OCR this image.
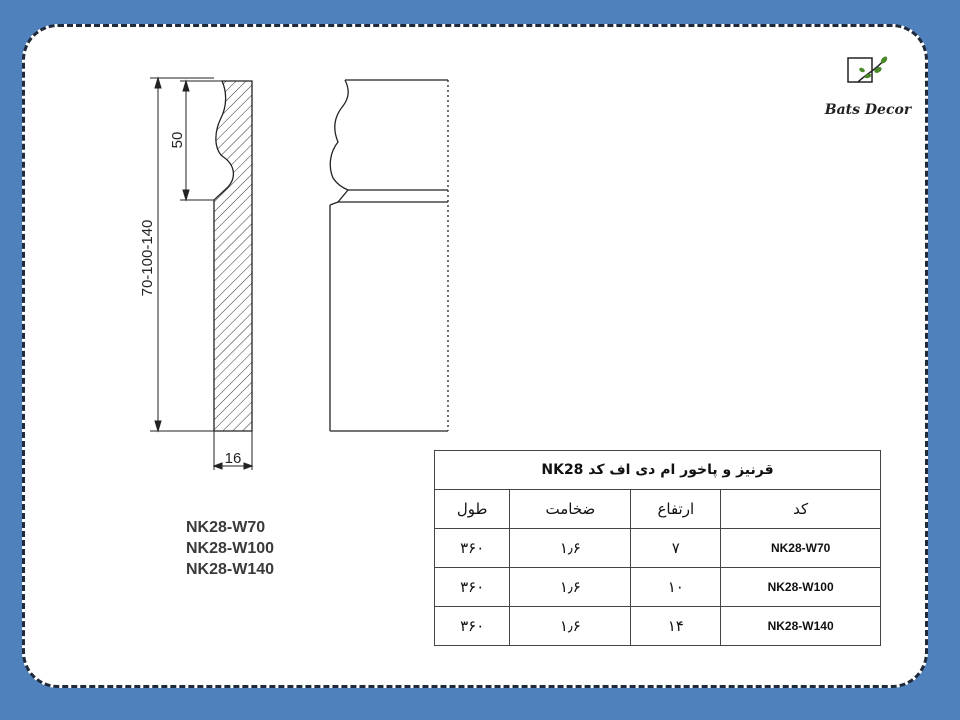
70-100-140
50
16
Bats Decor
NK28-W70
NK28-W100
NK28-W140
قرنیز و پاخور ام دی اف کد NK28			
کد	ارتفاع	ضخامت	طول
NK28-W70	۷	۱٫۶	۳۶۰
NK28-W100	۱۰	۱٫۶	۳۶۰
NK28-W140	۱۴	۱٫۶	۳۶۰
